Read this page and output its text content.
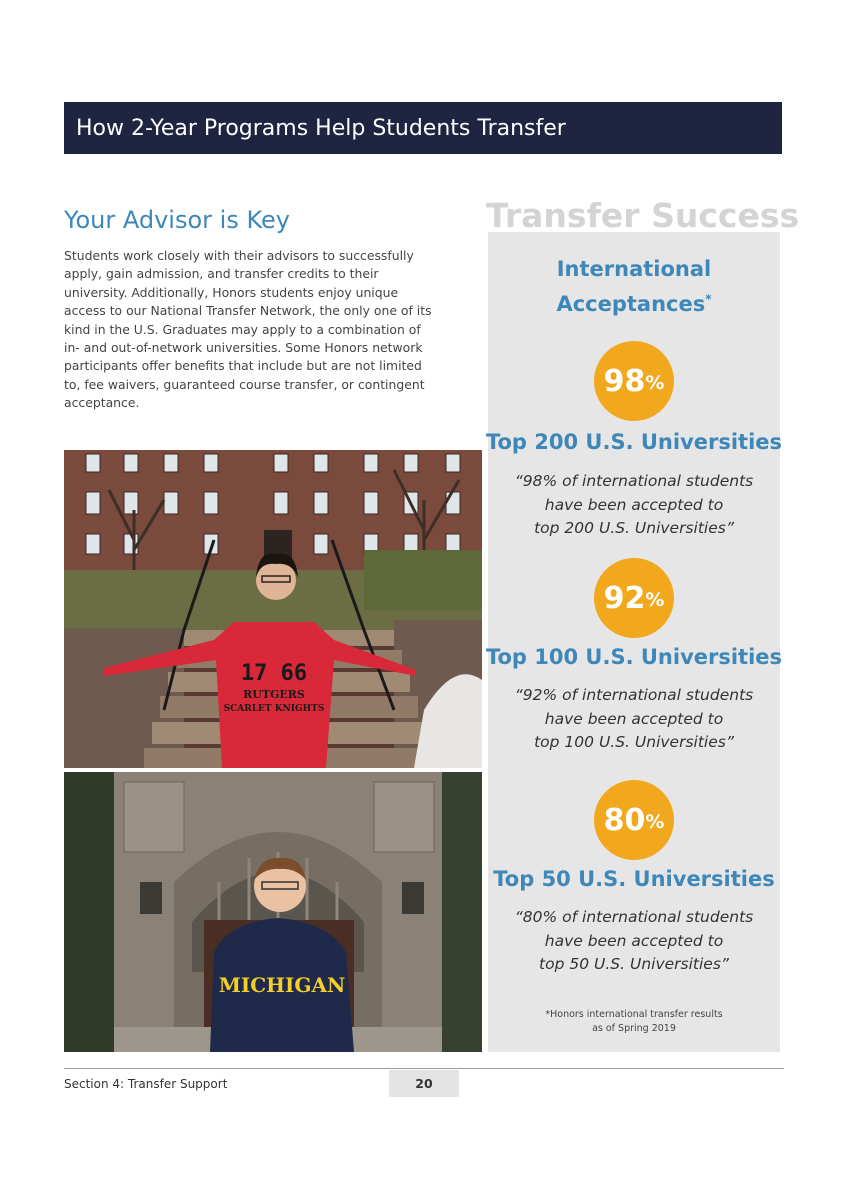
How 2-Year Programs Help Students Transfer
Your Advisor is Key

Students work closely with their advisors to successfully
apply, gain admission, and transfer credits to their
university. Additionally, Honors students enjoy unique
access to our National Transfer Network, the only one of its
kind in the U.S. Graduates may apply to a combination of
in- and out-of-network universities. Some Honors network
participants offer benefits that include but are not limited
to, fee waivers, guaranteed course transfer, or contingent
acceptance.

17 66
RUTGERS
SCARLET KNIGHTS
MICHIGAN
Transfer Success
International
Acceptances*
98 %
Top 200 U.S. Universities
“98% of international students
have been accepted to
top 200 U.S. Universities”
92 %
Top 100 U.S. Universities
“92% of international students
have been accepted to
top 100 U.S. Universities”
80 %
Top 50 U.S. Universities
“80% of international students
have been accepted to
top 50 U.S. Universities”
*Honors international transfer results
as of Spring 2019
Section 4: Transfer Support	20
